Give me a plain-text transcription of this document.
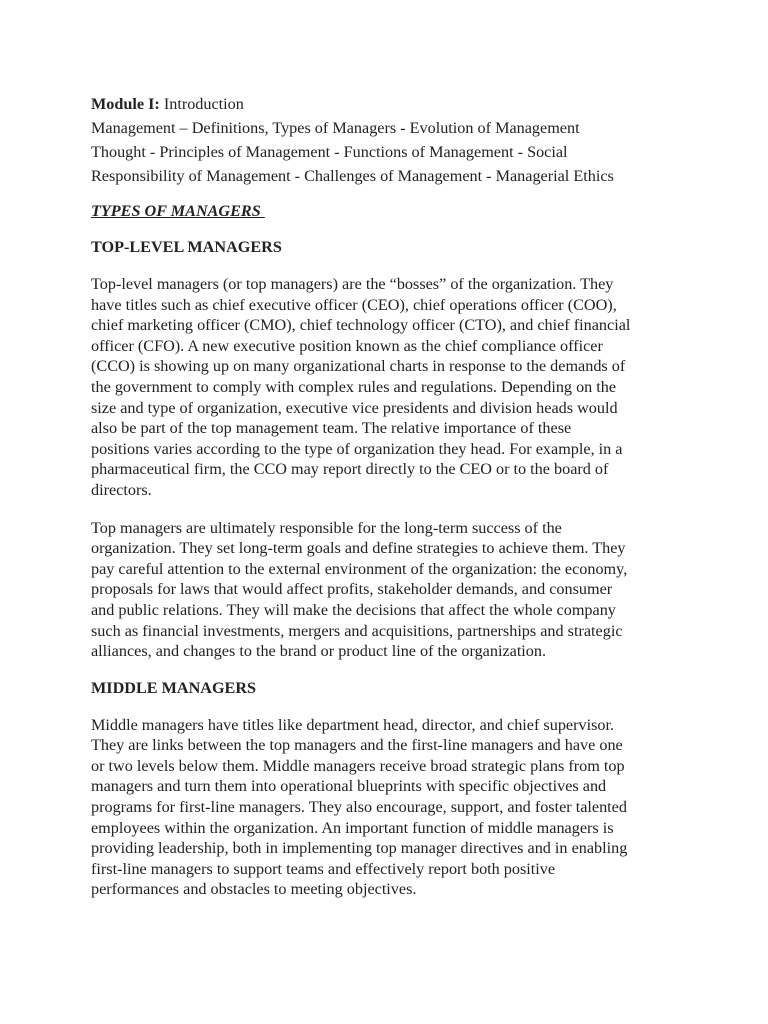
Module I: Introduction
Management – Definitions, Types of Managers - Evolution of Management
Thought - Principles of Management - Functions of Management - Social
Responsibility of Management - Challenges of Management - Managerial Ethics
TYPES OF MANAGERS
TOP-LEVEL MANAGERS
Top-level managers (or top managers) are the “bosses” of the organization. They
have titles such as chief executive officer (CEO), chief operations officer (COO),
chief marketing officer (CMO), chief technology officer (CTO), and chief financial
officer (CFO). A new executive position known as the chief compliance officer
(CCO) is showing up on many organizational charts in response to the demands of
the government to comply with complex rules and regulations. Depending on the
size and type of organization, executive vice presidents and division heads would
also be part of the top management team. The relative importance of these
positions varies according to the type of organization they head. For example, in a
pharmaceutical firm, the CCO may report directly to the CEO or to the board of
directors.
Top managers are ultimately responsible for the long-term success of the
organization. They set long-term goals and define strategies to achieve them. They
pay careful attention to the external environment of the organization: the economy,
proposals for laws that would affect profits, stakeholder demands, and consumer
and public relations. They will make the decisions that affect the whole company
such as financial investments, mergers and acquisitions, partnerships and strategic
alliances, and changes to the brand or product line of the organization.
MIDDLE MANAGERS
Middle managers have titles like department head, director, and chief supervisor.
They are links between the top managers and the first-line managers and have one
or two levels below them. Middle managers receive broad strategic plans from top
managers and turn them into operational blueprints with specific objectives and
programs for first-line managers. They also encourage, support, and foster talented
employees within the organization. An important function of middle managers is
providing leadership, both in implementing top manager directives and in enabling
first-line managers to support teams and effectively report both positive
performances and obstacles to meeting objectives.
